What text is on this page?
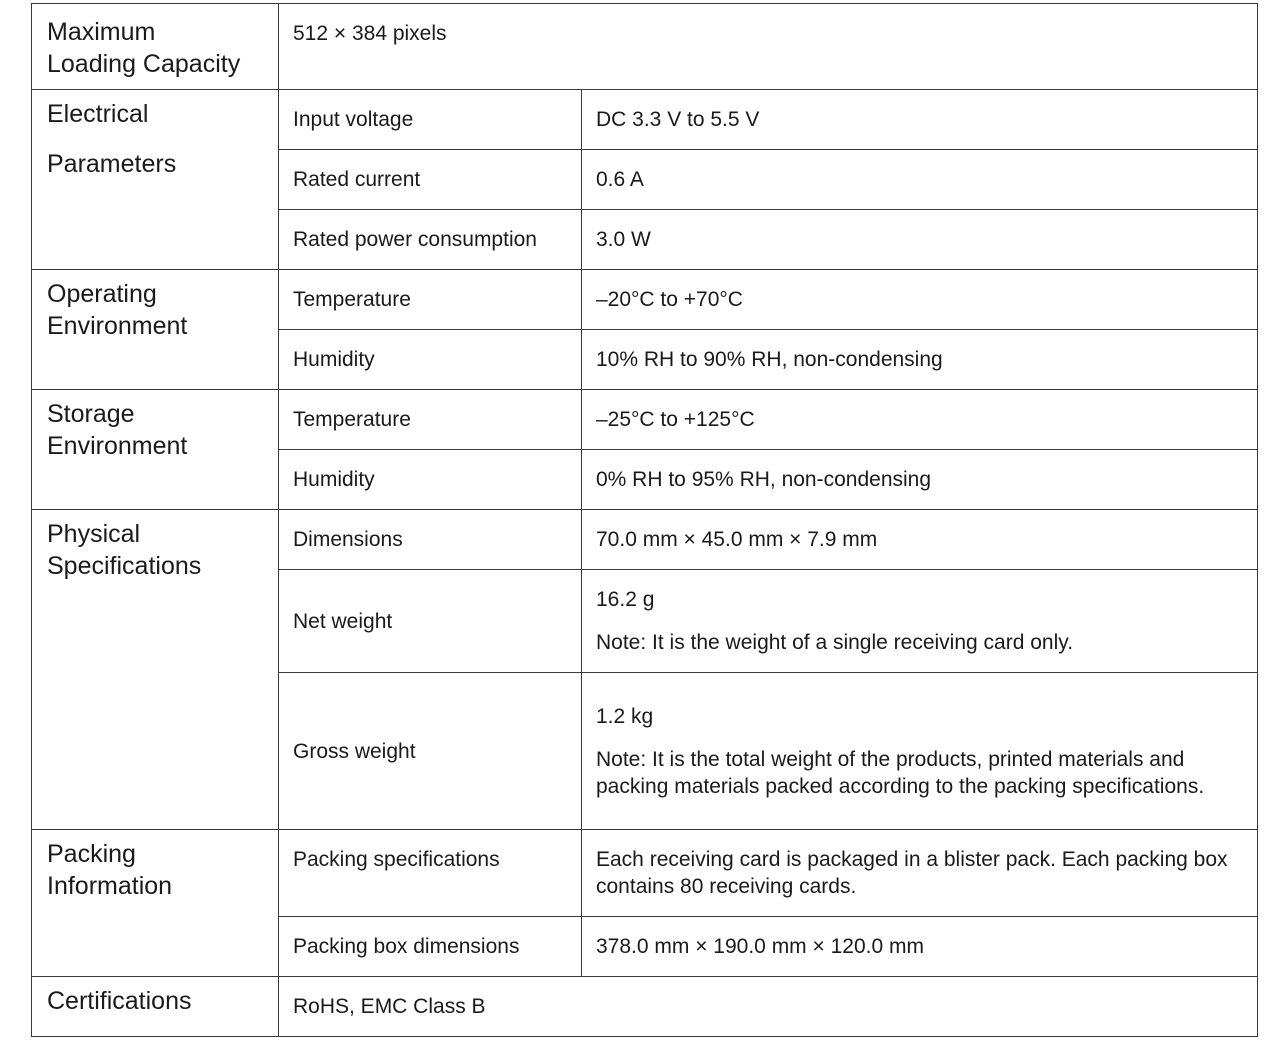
Maximum
Loading Capacity	512 × 384 pixels	

Electrical
Parameters	Input voltage	DC 3.3 V to 5.5 V
	Rated current	0.6 A
	Rated power consumption	3.0 W

Operating
Environment	Temperature	–20°C to +70°C
	Humidity	10% RH to 90% RH, non-condensing

Storage
Environment	Temperature	–25°C to +125°C
	Humidity	0% RH to 95% RH, non-condensing

Physical
Specifications	Dimensions	70.0 mm × 45.0 mm × 7.9 mm
	Net weight	16.2 g
Note: It is the weight of a single receiving card only.

	Gross weight	1.2 kg
Note: It is the total weight of the products, printed materials and packing materials packed according to the packing specifications.

Packing
Information	Packing specifications	Each receiving card is packaged in a blister pack. Each packing box contains 80 receiving cards.
	Packing box dimensions	378.0 mm × 190.0 mm × 120.0 mm

Certifications	RoHS, EMC Class B	
